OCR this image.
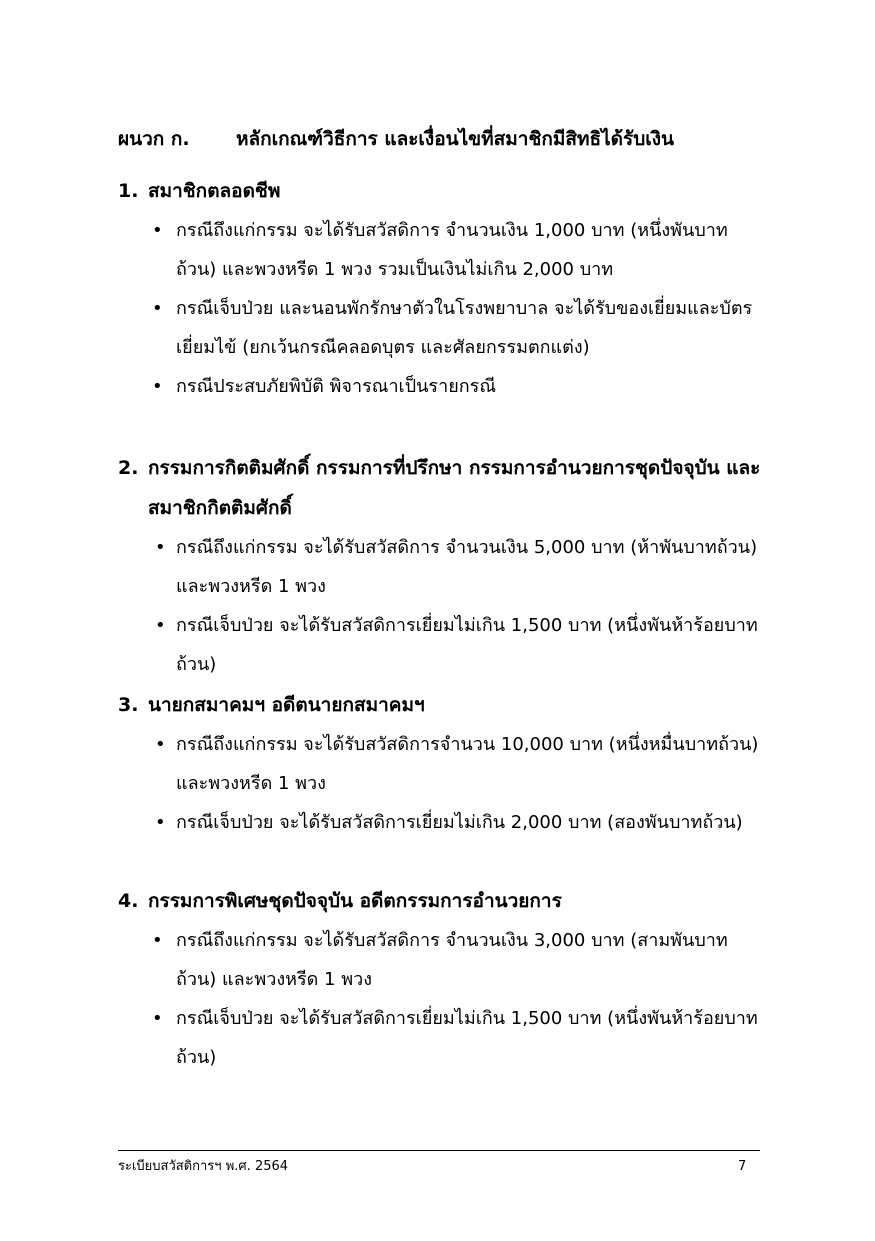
ผนวก ก. หลักเกณฑ์วิธีการ และเงื่อนไขที่สมาชิกมีสิทธิได้รับเงิน
1. สมาชิกตลอดชีพ
• กรณีถึงแก่กรรม จะได้รับสวัสดิการ จำนวนเงิน 1,000 บาท (หนึ่งพันบาทถ้วน) และพวงหรีด 1 พวง รวมเป็นเงินไม่เกิน 2,000 บาท
• กรณีเจ็บป่วย และนอนพักรักษาตัวในโรงพยาบาล จะได้รับของเยี่ยมและบัตรเยี่ยมไข้ (ยกเว้นกรณีคลอดบุตร และศัลยกรรมตกแต่ง)
• กรณีประสบภัยพิบัติ พิจารณาเป็นรายกรณี
2. กรรมการกิตติมศักดิ์ กรรมการที่ปรึกษา กรรมการอำนวยการชุดปัจจุบัน และสมาชิกกิตติมศักดิ์
• กรณีถึงแก่กรรม จะได้รับสวัสดิการ จำนวนเงิน 5,000 บาท (ห้าพันบาทถ้วน) และพวงหรีด 1 พวง
• กรณีเจ็บป่วย จะได้รับสวัสดิการเยี่ยมไม่เกิน 1,500 บาท (หนึ่งพันห้าร้อยบาทถ้วน)
3. นายกสมาคมฯ อดีตนายกสมาคมฯ
• กรณีถึงแก่กรรม จะได้รับสวัสดิการจำนวน 10,000 บาท (หนึ่งหมื่นบาทถ้วน) และพวงหรีด 1 พวง
• กรณีเจ็บป่วย จะได้รับสวัสดิการเยี่ยมไม่เกิน 2,000 บาท (สองพันบาทถ้วน)
4. กรรมการพิเศษชุดปัจจุบัน อดีตกรรมการอำนวยการ
• กรณีถึงแก่กรรม จะได้รับสวัสดิการ จำนวนเงิน 3,000 บาท (สามพันบาทถ้วน) และพวงหรีด 1 พวง
• กรณีเจ็บป่วย จะได้รับสวัสดิการเยี่ยมไม่เกิน 1,500 บาท (หนึ่งพันห้าร้อยบาทถ้วน)
ระเบียบสวัสดิการฯ พ.ศ. 2564	7
